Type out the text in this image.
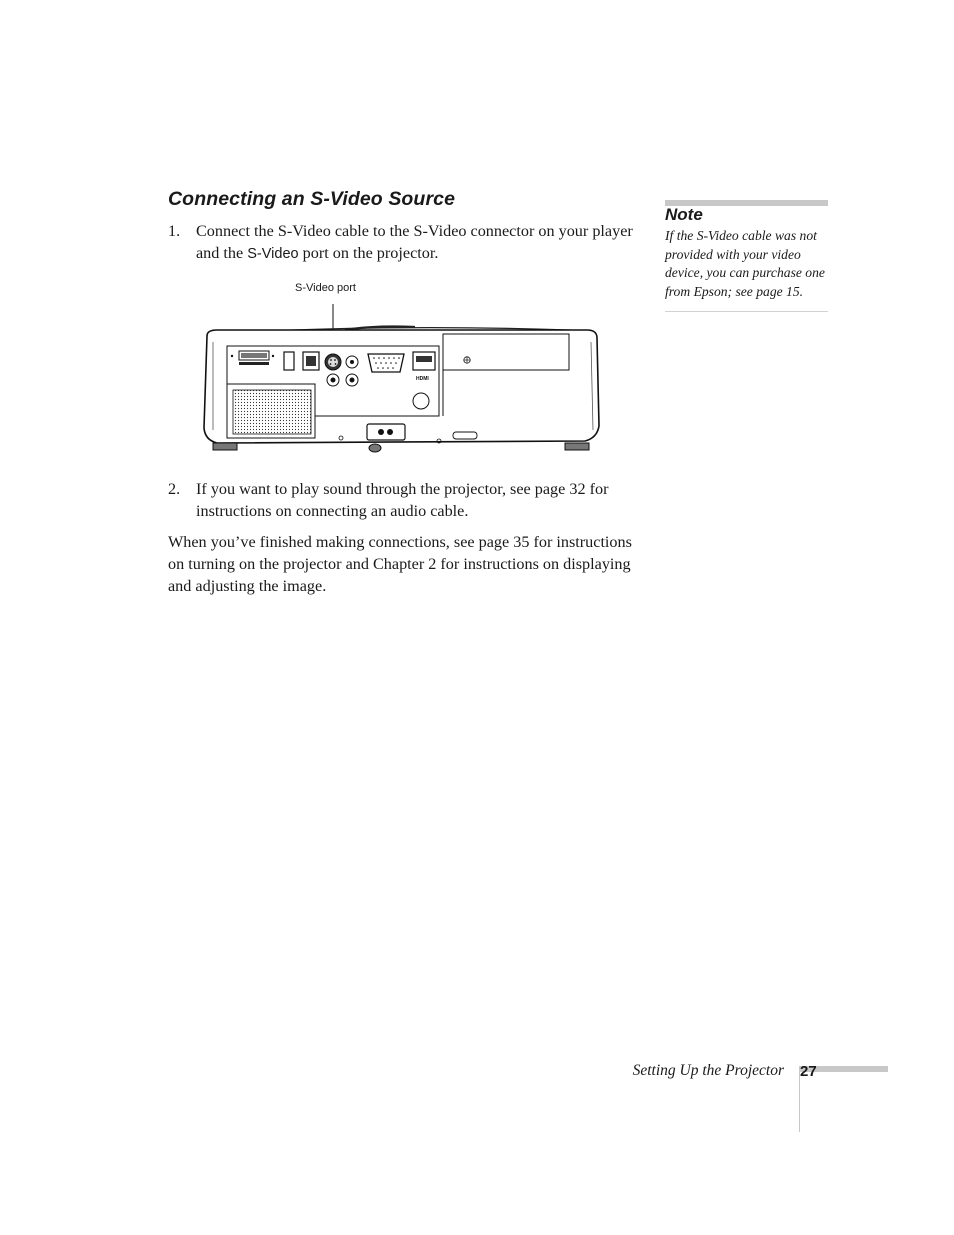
Connecting an S-Video Source
1. Connect the S-Video cable to the S-Video connector on your player and the S-Video port on the projector.
S-Video port
HDMI
2. If you want to play sound through the projector, see page 32 for instructions on connecting an audio cable.

When you’ve finished making connections, see page 35 for instructions on turning on the projector and Chapter 2 for instructions on displaying and adjusting the image.

Note

If the S-Video cable was not provided with your video device, you can purchase one from Epson; see page 15.

Setting Up the Projector 27
